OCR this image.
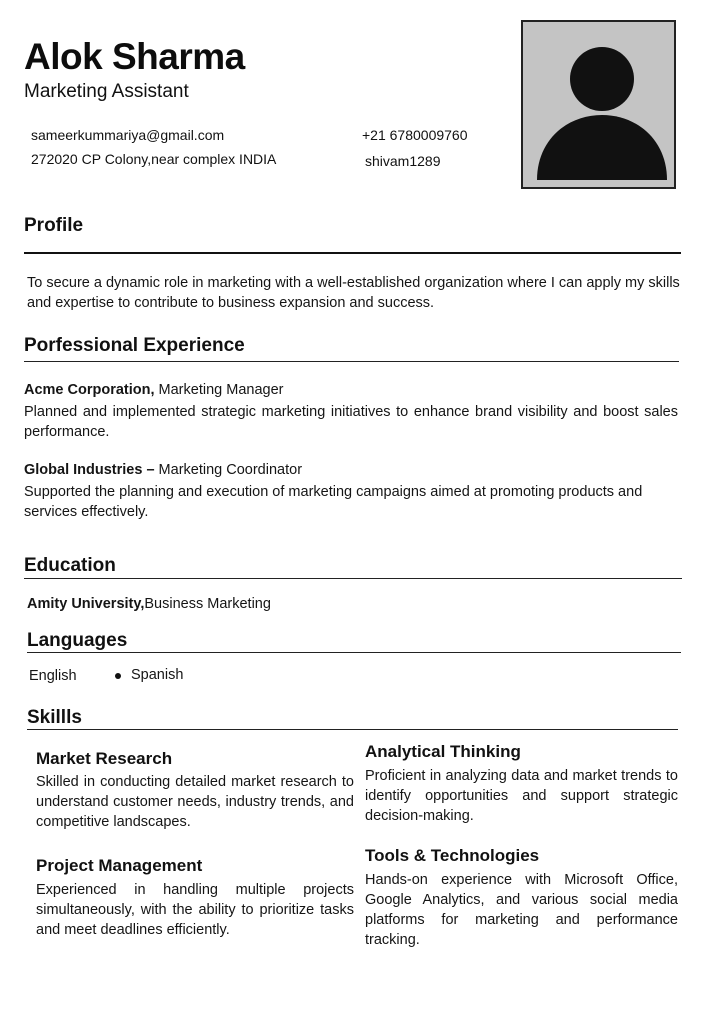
Alok Sharma
Marketing Assistant
sameerkummariya@gmail.com
272020 CP Colony,near complex INDIA
+21 6780009760
shivam1289
Profile
To secure a dynamic role in marketing with a well-established organization where I can apply my skills and expertise to contribute to business expansion and success.
Porfessional Experience
Acme Corporation, Marketing Manager
Planned and implemented strategic marketing initiatives to enhance brand visibility and boost sales performance.
Global Industries – Marketing Coordinator
Supported the planning and execution of marketing campaigns aimed at promoting products and services effectively.
Education
Amity University,Business Marketing
Languages
English	Spanish
Skillls
Market Research
Skilled in conducting detailed market research to understand customer needs, industry trends, and competitive landscapes.
Analytical Thinking
Proficient in analyzing data and market trends to identify opportunities and support strategic decision-making.
Project Management
Experienced in handling multiple projects simultaneously, with the ability to prioritize tasks and meet deadlines efficiently.
Tools & Technologies
Hands-on experience with Microsoft Office, Google Analytics, and various social media platforms for marketing and performance tracking.
